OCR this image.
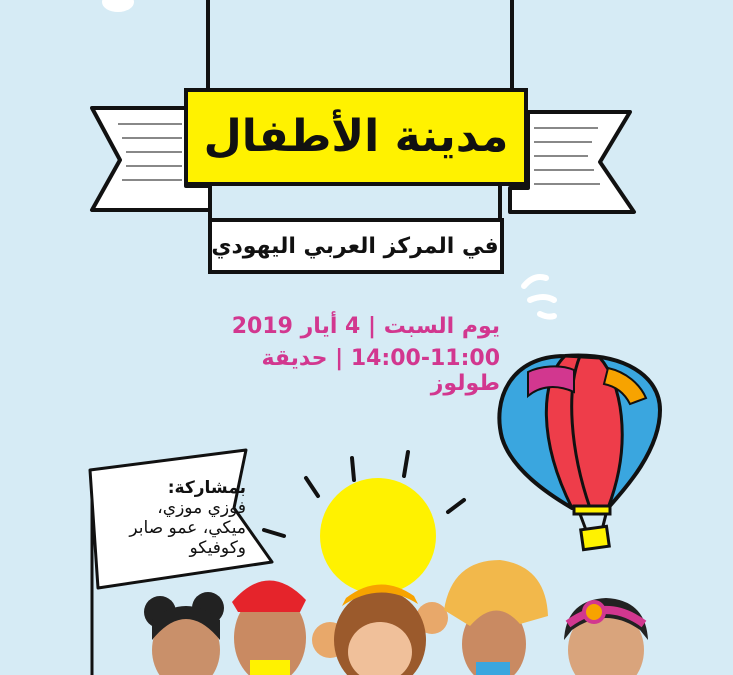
مدينة الأطفال
في المركز العربي اليهودي
يوم السبت | 4 أيار 2019
14:00-11:00 | حديقة طولوز
بمشاركة:
فوزي موزي،
ميكي، عمو صابر
وكوفيكو
